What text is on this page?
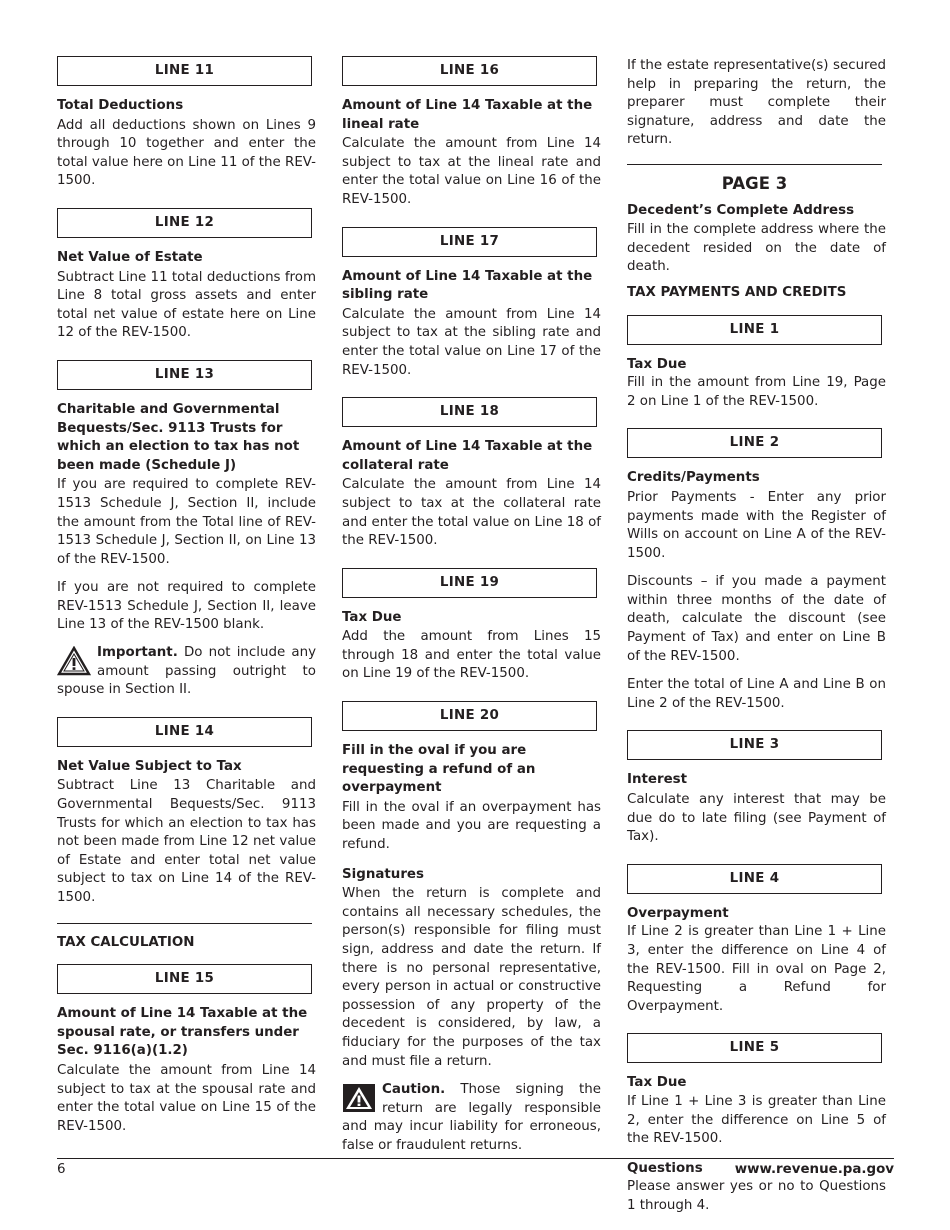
LINE 11
Total Deductions
Add all deductions shown on Lines 9 through 10 together and enter the total value here on Line 11 of the REV-1500.
LINE 12
Net Value of Estate
Subtract Line 11 total deductions from Line 8 total gross assets and enter total net value of estate here on Line 12 of the REV-1500.
LINE 13
Charitable and Governmental Bequests/Sec. 9113 Trusts for which an election to tax has not been made (Schedule J)
If you are required to complete REV-1513 Schedule J, Section II, include the amount from the Total line of REV-1513 Schedule J, Section II, on Line 13 of the REV-1500.
If you are not required to complete REV-1513 Schedule J, Section II, leave Line 13 of the REV-1500 blank.
Important. Do not include any amount passing outright to spouse in Section II.
LINE 14
Net Value Subject to Tax
Subtract Line 13 Charitable and Governmental Bequests/Sec. 9113 Trusts for which an election to tax has not been made from Line 12 net value of Estate and enter total net value subject to tax on Line 14 of the REV-1500.
TAX CALCULATION
LINE 15
Amount of Line 14 Taxable at the spousal rate, or transfers under Sec. 9116(a)(1.2)
Calculate the amount from Line 14 subject to tax at the spousal rate and enter the total value on Line 15 of the REV-1500.
LINE 16
Amount of Line 14 Taxable at the lineal rate
Calculate the amount from Line 14 subject to tax at the lineal rate and enter the total value on Line 16 of the REV-1500.
LINE 17
Amount of Line 14 Taxable at the sibling rate
Calculate the amount from Line 14 subject to tax at the sibling rate and enter the total value on Line 17 of the REV-1500.
LINE 18
Amount of Line 14 Taxable at the collateral rate
Calculate the amount from Line 14 subject to tax at the collateral rate and enter the total value on Line 18 of the REV-1500.
LINE 19
Tax Due
Add the amount from Lines 15 through 18 and enter the total value on Line 19 of the REV-1500.
LINE 20
Fill in the oval if you are requesting a refund of an overpayment
Fill in the oval if an overpayment has been made and you are requesting a refund.
Signatures
When the return is complete and contains all necessary schedules, the person(s) responsible for filing must sign, address and date the return. If there is no personal representative, every person in actual or constructive possession of any property of the decedent is considered, by law, a fiduciary for the purposes of the tax and must file a return.
Caution. Those signing the return are legally responsible and may incur liability for erroneous, false or fraudulent returns.
If the estate representative(s) secured help in preparing the return, the preparer must complete their signature, address and date the return.
PAGE 3
Decedent’s Complete Address
Fill in the complete address where the decedent resided on the date of death.
TAX PAYMENTS AND CREDITS
LINE 1
Tax Due
Fill in the amount from Line 19, Page 2 on Line 1 of the REV-1500.
LINE 2
Credits/Payments
Prior Payments - Enter any prior payments made with the Register of Wills on account on Line A of the REV-1500.
Discounts – if you made a payment within three months of the date of death, calculate the discount (see Payment of Tax) and enter on Line B of the REV-1500.
Enter the total of Line A and Line B on Line 2 of the REV-1500.
LINE 3
Interest
Calculate any interest that may be due do to late filing (see Payment of Tax).
LINE 4
Overpayment
If Line 2 is greater than Line 1 + Line 3, enter the difference on Line 4 of the REV-1500. Fill in oval on Page 2, Requesting a Refund for Overpayment.
LINE 5
Tax Due
If Line 1 + Line 3 is greater than Line 2, enter the difference on Line 5 of the REV-1500.
Questions
Please answer yes or no to Questions 1 through 4.
6	www.revenue.pa.gov
